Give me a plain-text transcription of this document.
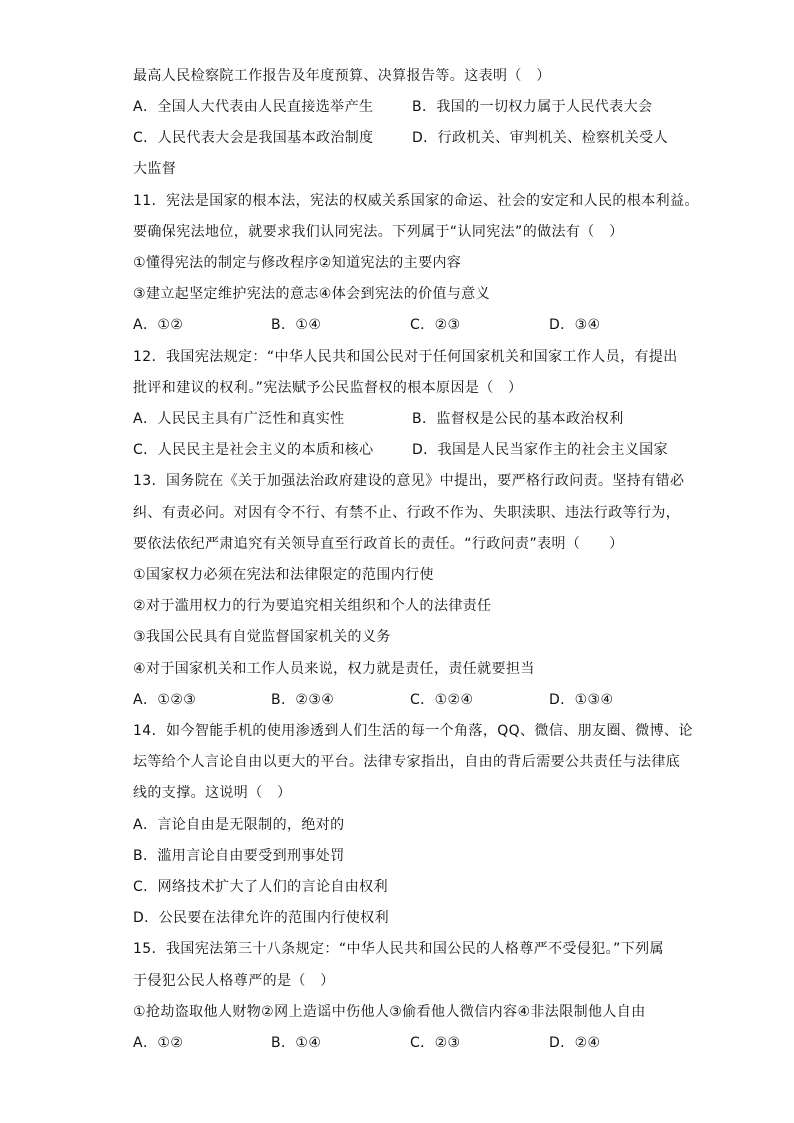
最高人民检察院工作报告及年度预算、决算报告等。这表明（　）
A．全国人大代表由人民直接选举产生	B．我国的一切权力属于人民代表大会
C．人民代表大会是我国基本政治制度	D．行政机关、审判机关、检察机关受人
大监督
11．宪法是国家的根本法，宪法的权威关系国家的命运、社会的安定和人民的根本利益。
要确保宪法地位，就要求我们认同宪法。下列属于“认同宪法”的做法有（　）
①懂得宪法的制定与修改程序②知道宪法的主要内容
③建立起坚定维护宪法的意志④体会到宪法的价值与意义
A．①②	B．①④	C．②③	D．③④
12．我国宪法规定：“中华人民共和国公民对于任何国家机关和国家工作人员，有提出
批评和建议的权利。”宪法赋予公民监督权的根本原因是（　）
A．人民民主具有广泛性和真实性	B．监督权是公民的基本政治权利
C．人民民主是社会主义的本质和核心	D．我国是人民当家作主的社会主义国家
13．国务院在《关于加强法治政府建设的意见》中提出，要严格行政问责。坚持有错必
纠、有责必问。对因有令不行、有禁不止、行政不作为、失职渎职、违法行政等行为，
要依法依纪严肃追究有关领导直至行政首长的责任。“行政问责”表明（　　）
①国家权力必须在宪法和法律限定的范围内行使
②对于滥用权力的行为要追究相关组织和个人的法律责任
③我国公民具有自觉监督国家机关的义务
④对于国家机关和工作人员来说，权力就是责任，责任就要担当
A．①②③	B．②③④	C．①②④	D．①③④
14．如今智能手机的使用渗透到人们生活的每一个角落，QQ、微信、朋友圈、微博、论
坛等给个人言论自由以更大的平台。法律专家指出，自由的背后需要公共责任与法律底
线的支撑。这说明（　）
A．言论自由是无限制的，绝对的
B．滥用言论自由要受到刑事处罚
C．网络技术扩大了人们的言论自由权利
D．公民要在法律允许的范围内行使权利
15．我国宪法第三十八条规定：“中华人民共和国公民的人格尊严不受侵犯。”下列属
于侵犯公民人格尊严的是（　）
①抢劫盗取他人财物②网上造谣中伤他人③偷看他人微信内容④非法限制他人自由
A．①②	B．①④	C．②③	D．②④
